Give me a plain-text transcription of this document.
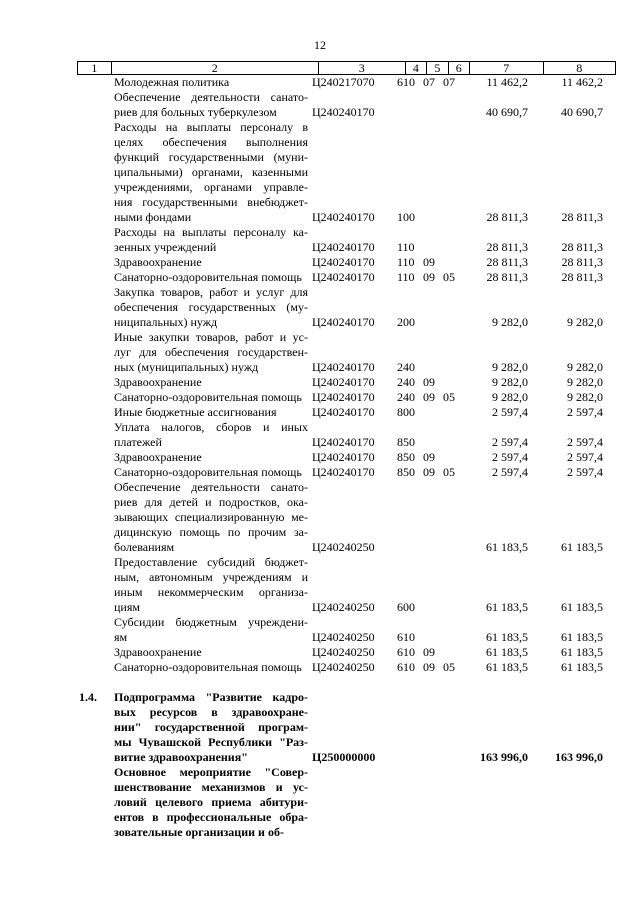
12
1	2	3	4	5	6	7	8
Молодежная политика	Ц240217070	610 07 07	11 462,2	11 462,2
Обеспечение деятельности санато-
риев для больных туберкулезом	Ц240240170	40 690,7	40 690,7
Расходы на выплаты персоналу в
целях обеспечения выполнения
функций государственными (муни-
ципальными) органами, казенными
учреждениями, органами управле-
ния государственными внебюджет-
ными фондами	Ц240240170	100	28 811,3	28 811,3
Расходы на выплаты персоналу ка-
зенных учреждений	Ц240240170	110	28 811,3	28 811,3
Здравоохранение	Ц240240170	110 09	28 811,3	28 811,3
Санаторно-оздоровительная помощь Ц240240170	110 09 05	28 811,3	28 811,3
Закупка товаров, работ и услуг для
обеспечения государственных (му-
ниципальных) нужд	Ц240240170	200	9 282,0	9 282,0
Иные закупки товаров, работ и ус-
луг для обеспечения государствен-
ных (муниципальных) нужд	Ц240240170	240	9 282,0	9 282,0
Здравоохранение	Ц240240170	240 09	9 282,0	9 282,0
Санаторно-оздоровительная помощь Ц240240170	240 09 05	9 282,0	9 282,0
Иные бюджетные ассигнования	Ц240240170	800	2 597,4	2 597,4
Уплата налогов, сборов и иных
платежей	Ц240240170	850	2 597,4	2 597,4
Здравоохранение	Ц240240170	850 09	2 597,4	2 597,4
Санаторно-оздоровительная помощь Ц240240170	850 09 05	2 597,4	2 597,4
Обеспечение деятельности санато-
риев для детей и подростков, ока-
зывающих специализированную ме-
дицинскую помощь по прочим за-
болеваниям	Ц240240250	61 183,5	61 183,5
Предоставление субсидий бюджет-
ным, автономным учреждениям и
иным некоммерческим организа-
циям	Ц240240250	600	61 183,5	61 183,5
Субсидии бюджетным учреждени-
ям	Ц240240250	610	61 183,5	61 183,5
Здравоохранение	Ц240240250	610 09	61 183,5	61 183,5
Санаторно-оздоровительная помощь Ц240240250	610 09 05	61 183,5	61 183,5
1.4.	Подпрограмма "Развитие кадро-
вых ресурсов в здравоохране-
нии" государственной програм-
мы Чувашской Республики "Раз-
витие здравоохранения"	Ц250000000	163 996,0	163 996,0
Основное мероприятие "Совер-
шенствование механизмов и ус-
ловий целевого приема абитури-
ентов в профессиональные обра-
зовательные организации и об-
